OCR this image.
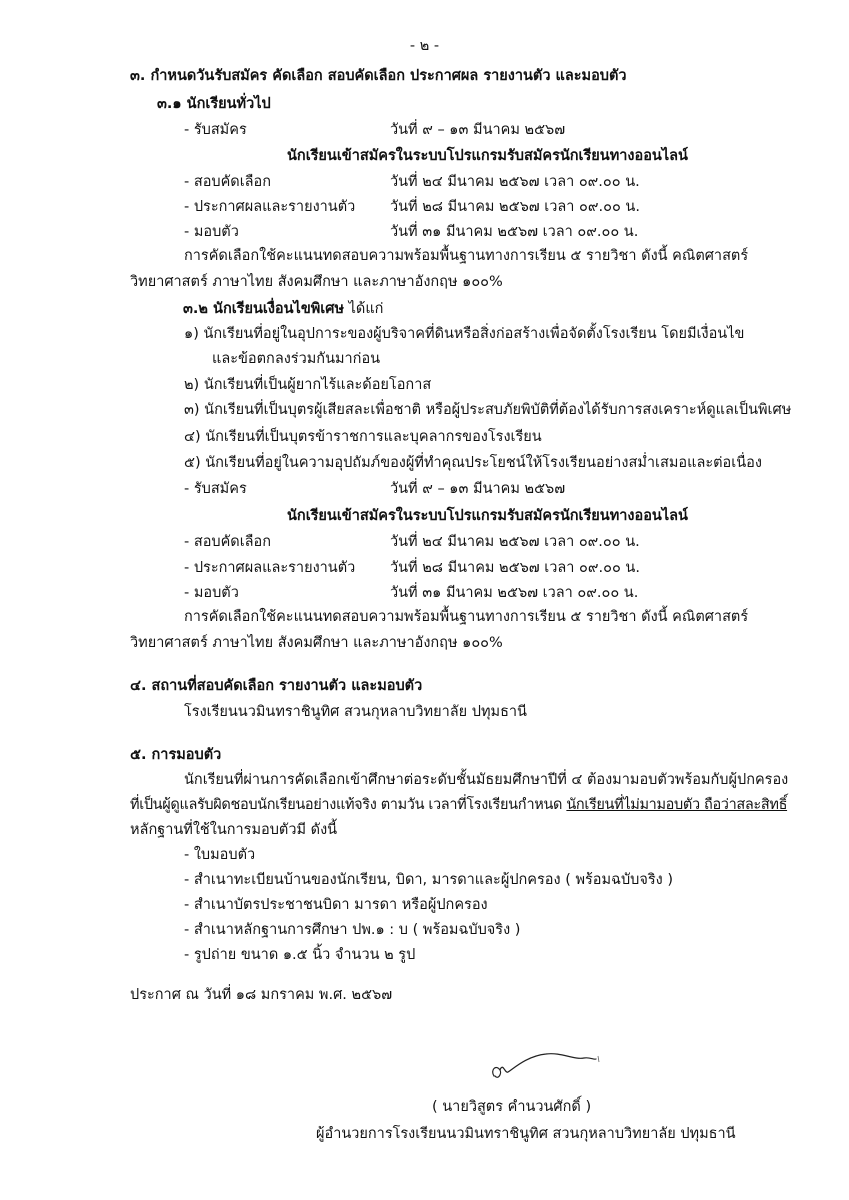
- ๒ -
๓. กำหนดวันรับสมัคร คัดเลือก สอบคัดเลือก ประกาศผล รายงานตัว และมอบตัว
๓.๑ นักเรียนทั่วไป
- รับสมัคร	วันที่ ๙ – ๑๓ มีนาคม ๒๕๖๗
นักเรียนเข้าสมัครในระบบโปรแกรมรับสมัครนักเรียนทางออนไลน์
- สอบคัดเลือก	วันที่ ๒๔ มีนาคม ๒๕๖๗ เวลา ๐๙.๐๐ น.
- ประกาศผลและรายงานตัว วันที่ ๒๘ มีนาคม ๒๕๖๗ เวลา ๐๙.๐๐ น.
- มอบตัว	วันที่ ๓๑ มีนาคม ๒๕๖๗ เวลา ๐๙.๐๐ น.
การคัดเลือกใช้คะแนนทดสอบความพร้อมพื้นฐานทางการเรียน ๕ รายวิชา ดังนี้ คณิตศาสตร์
วิทยาศาสตร์ ภาษาไทย สังคมศึกษา และภาษาอังกฤษ ๑๐๐%
๓.๒ นักเรียนเงื่อนไขพิเศษ ได้แก่
๑) นักเรียนที่อยู่ในอุปการะของผู้บริจาคที่ดินหรือสิ่งก่อสร้างเพื่อจัดตั้งโรงเรียน โดยมีเงื่อนไข
และข้อตกลงร่วมกันมาก่อน
๒) นักเรียนที่เป็นผู้ยากไร้และด้อยโอกาส
๓) นักเรียนที่เป็นบุตรผู้เสียสละเพื่อชาติ หรือผู้ประสบภัยพิบัติที่ต้องได้รับการสงเคราะห์ดูแลเป็นพิเศษ
๔) นักเรียนที่เป็นบุตรข้าราชการและบุคลากรของโรงเรียน
๕) นักเรียนที่อยู่ในความอุปถัมภ์ของผู้ที่ทำคุณประโยชน์ให้โรงเรียนอย่างสม่ำเสมอและต่อเนื่อง
- รับสมัคร	วันที่ ๙ – ๑๓ มีนาคม ๒๕๖๗
นักเรียนเข้าสมัครในระบบโปรแกรมรับสมัครนักเรียนทางออนไลน์
- สอบคัดเลือก	วันที่ ๒๔ มีนาคม ๒๕๖๗ เวลา ๐๙.๐๐ น.
- ประกาศผลและรายงานตัว วันที่ ๒๘ มีนาคม ๒๕๖๗ เวลา ๐๙.๐๐ น.
- มอบตัว	วันที่ ๓๑ มีนาคม ๒๕๖๗ เวลา ๐๙.๐๐ น.
การคัดเลือกใช้คะแนนทดสอบความพร้อมพื้นฐานทางการเรียน ๕ รายวิชา ดังนี้ คณิตศาสตร์
วิทยาศาสตร์ ภาษาไทย สังคมศึกษา และภาษาอังกฤษ ๑๐๐%
๔. สถานที่สอบคัดเลือก รายงานตัว และมอบตัว
โรงเรียนนวมินทราชินูทิศ สวนกุหลาบวิทยาลัย ปทุมธานี
๕. การมอบตัว
นักเรียนที่ผ่านการคัดเลือกเข้าศึกษาต่อระดับชั้นมัธยมศึกษาปีที่ ๔ ต้องมามอบตัวพร้อมกับผู้ปกครอง
ที่เป็นผู้ดูแลรับผิดชอบนักเรียนอย่างแท้จริง ตามวัน เวลาที่โรงเรียนกำหนด นักเรียนที่ไม่มามอบตัว ถือว่าสละสิทธิ์
หลักฐานที่ใช้ในการมอบตัวมี ดังนี้
- ใบมอบตัว
- สำเนาทะเบียนบ้านของนักเรียน, บิดา, มารดาและผู้ปกครอง ( พร้อมฉบับจริง )
- สำเนาบัตรประชาชนบิดา มารดา หรือผู้ปกครอง
- สำเนาหลักฐานการศึกษา ปพ.๑ : บ ( พร้อมฉบับจริง )
- รูปถ่าย ขนาด ๑.๕ นิ้ว จำนวน ๒ รูป
ประกาศ ณ วันที่ ๑๘ มกราคม พ.ศ. ๒๕๖๗
( นายวิสูตร คำนวนศักดิ์ )
ผู้อำนวยการโรงเรียนนวมินทราชินูทิศ สวนกุหลาบวิทยาลัย ปทุมธานี
